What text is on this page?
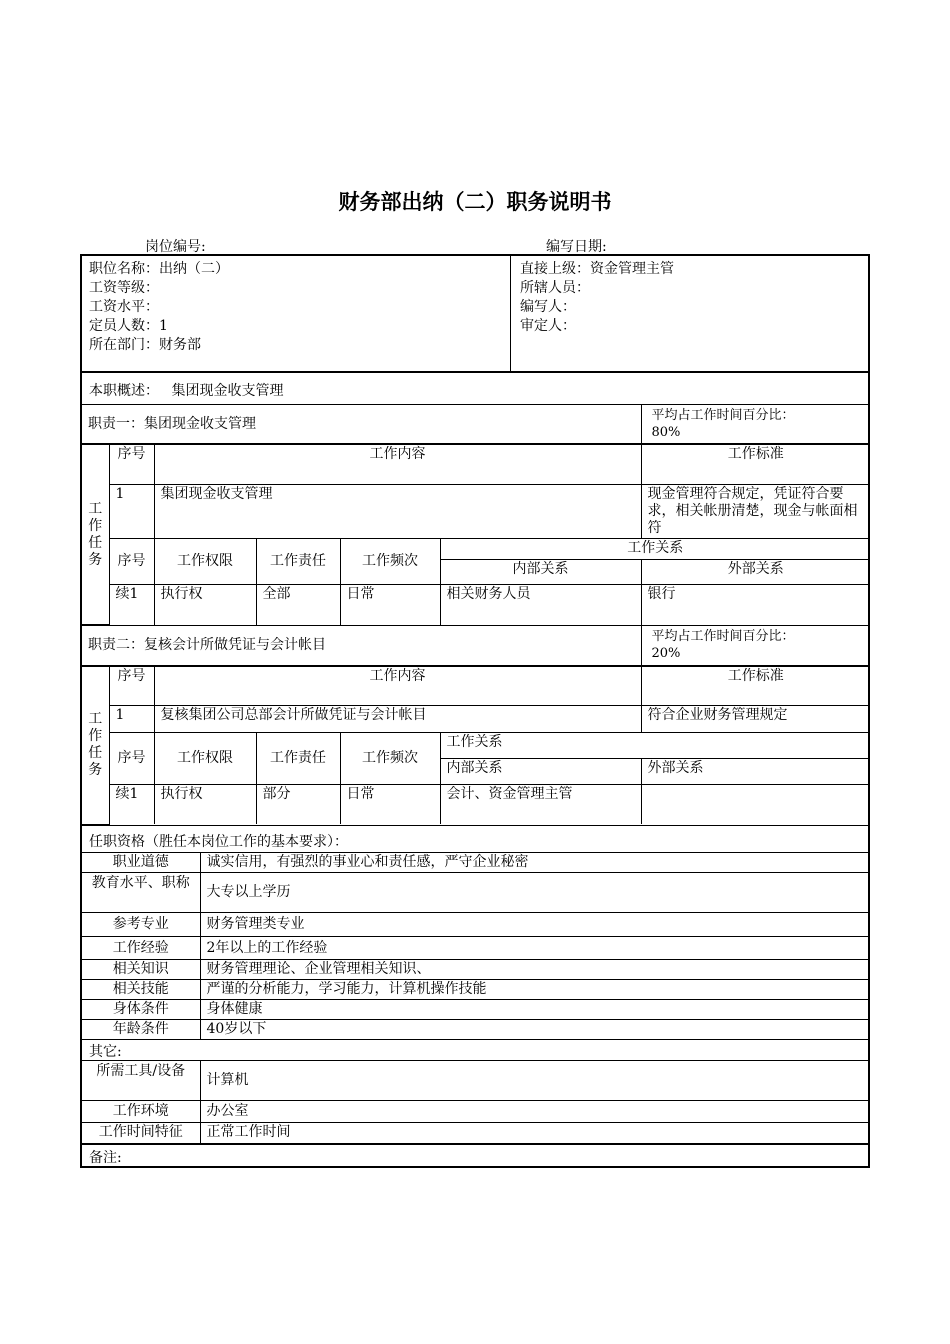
财务部出纳（二）职务说明书
岗位编号:	编写日期:
职位名称：出纳（二）
工资等级：
工资水平：
定员人数：1
所在部门：财务部
直接上级：资金管理主管
所辖人员：
编写人：
审定人：
本职概述： 集团现金收支管理
职责一：集团现金收支管理	平均占工作时间百分比：
80%
工作任务	序号	工作内容				工作标准
	1	集团现金收支管理				现金管理符合规定，凭证符合要求，相关帐册清楚，现金与帐面相符
	序号	工作权限	工作责任	工作频次	工作关系	
					内部关系	外部关系
	续1	执行权	全部	日常	相关财务人员	银行
职责二：复核会计所做凭证与会计帐目	
平均占工作时间百分比：
20%
工作任务	序号	工作内容				工作标准
	1	复核集团公司总部会计所做凭证与会计帐目				符合企业财务管理规定
	序号	工作权限	工作责任	工作频次	工作关系	
					内部关系	外部关系
	续1	执行权	部分	日常	会计、资金管理主管	
任职资格（胜任本岗位工作的基本要求）：
职业道德	诚实信用，有强烈的事业心和责任感，严守企业秘密
教育水平、职称	大专以上学历
参考专业	财务管理类专业
工作经验	2年以上的工作经验
相关知识	财务管理理论、企业管理相关知识、
相关技能	严谨的分析能力，学习能力，计算机操作技能
身体条件	身体健康
年龄条件	40岁以下
其它:
所需工具/设备	计算机
工作环境	办公室
工作时间特征	正常工作时间
备注:
